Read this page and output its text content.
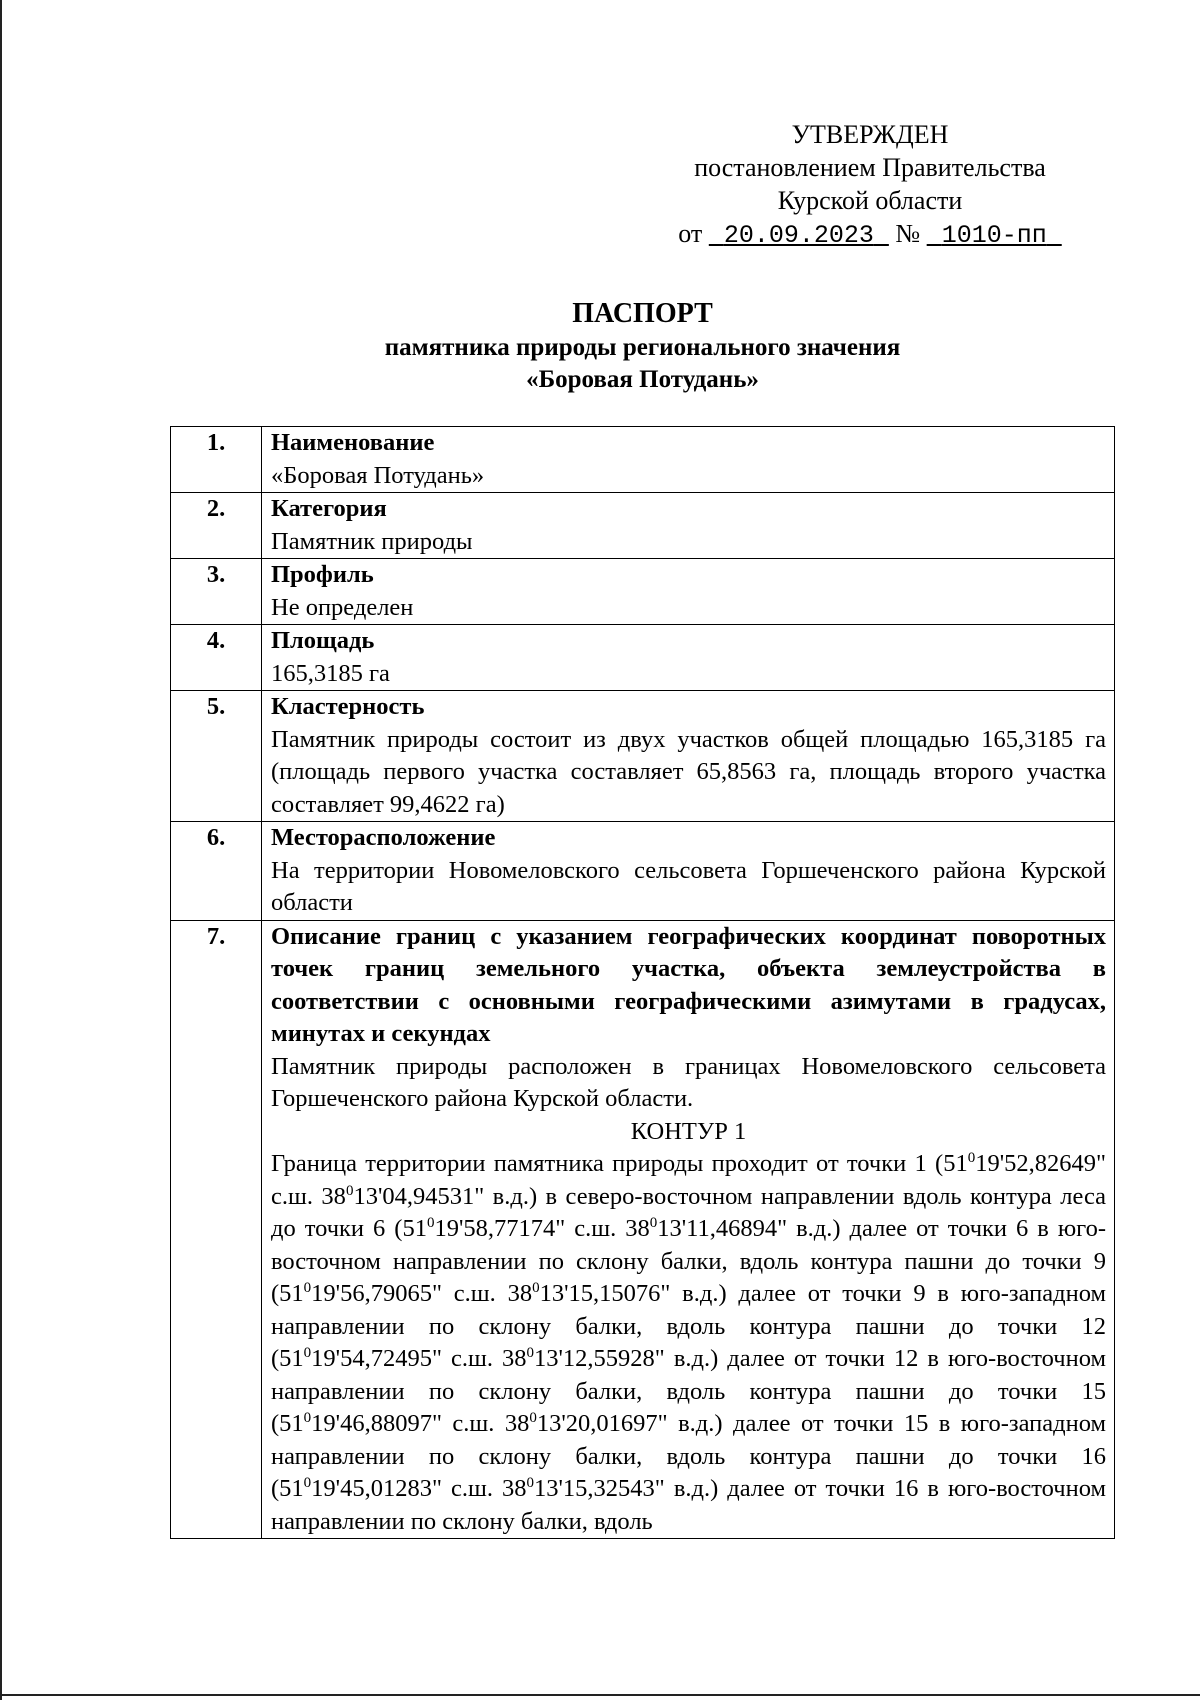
УТВЕРЖДЕН
постановлением Правительства
Курской области
от 20.09.2023 № 1010-пп
ПАСПОРТ
памятника природы регионального значения
«Боровая Потудань»
1.	Наименование
«Боровая Потудань»

2.	Категория
Памятник природы

3.	Профиль
Не определен

4.	Площадь
165,3185 га

5.	Кластерность
Памятник природы состоит из двух участков общей площадью 165,3185 га (площадь первого участка составляет 65,8563 га, площадь второго участка составляет 99,4622 га)

6.	Месторасположение
На территории Новомеловского сельсовета Горшеченского района Курской области

7.	Описание границ с указанием географических координат поворотных точек границ земельного участка, объекта землеустройства в соответствии с основными географическими азимутами в градусах, минутах и секундах
Памятник природы расположен в границах Новомеловского сельсовета Горшеченского района Курской области.
КОНТУР 1
Граница территории памятника природы проходит от точки 1 ($51^019'52,82649$" с.ш. $38^013'04,94531$" в.д.) в северо-восточном направлении вдоль контура леса до точки 6 ($51^019'58,77174$" с.ш. $38^013'11,46894$" в.д.) далее от точки 6 в юго-восточном направлении по склону балки, вдоль контура пашни до точки 9 ($51^019'56,79065$" с.ш. $38^013'15,15076$" в.д.) далее от точки 9 в юго-западном направлении по склону балки, вдоль контура пашни до точки 12 ($51^019'54,72495$" с.ш. $38^013'12,55928$" в.д.) далее от точки 12 в юго-восточном направлении по склону балки, вдоль контура пашни до точки 15 ($51^019'46,88097$" с.ш. $38^013'20,01697$" в.д.) далее от точки 15 в юго-западном направлении по склону балки, вдоль контура пашни до точки 16 ($51^019'45,01283$" с.ш. $38^013'15,32543$" в.д.) далее от точки 16 в юго-восточном направлении по склону балки, вдоль
